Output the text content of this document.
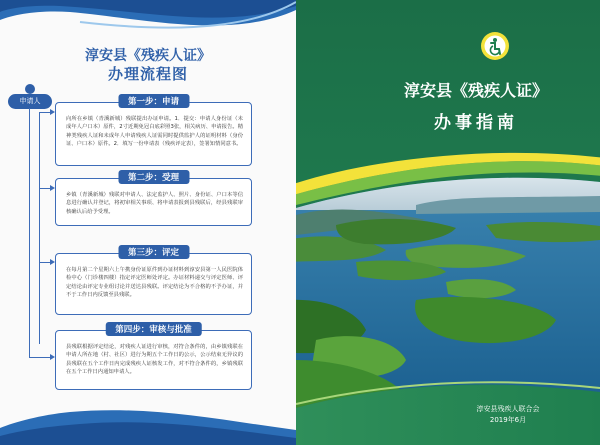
淳安县《残疾人证》
办理流程图
申请人	第一步：申请
向所在乡镇（青溪新城）残联提出办证申请。1．提交：申请人身份证（未成年人户口本）原件，2寸近期免冠白底彩照3张，相关病历、申请报告。精神类残疾人证和未成年人申请残疾人证需同时提供监护人的证明材料（身份证、户口本）原件。2．填写一份申请表（残疾评定表），签署知情同意书。
第二步：受理
乡镇（青溪新城）残联对申请人、法定监护人、照片、身份证、户口本等信息进行确认并登记，将初审相关事项、将申请表报到县残联后，经县残联审核确认后给予受理。
第三步：评定
在每月第二个星期六上午携身份证原件到办证材料到淳安县第一人民医院体检中心（门诊楼四楼）指定评定医师处评定。办证材料递交与评定医师、评定结论由评定专业组讨论并送达县残联。评定结论为不合格的不予办证，并不于工作日内反馈至县残联。
第四步：审核与批准
县残联根据评定结论，对残疾人证进行审核，对符合条件的，由乡镇残联在申请人所在地（村、社区）进行为期五个工作日的公示，公示结束无异议的县残联在五个工作日内完成残疾人证核发工作，对不符合条件的，乡镇残联在五个工作日内通知申请人。
淳安县《残疾人证》
办事指南
淳安县残疾人联合会
2019年6月
